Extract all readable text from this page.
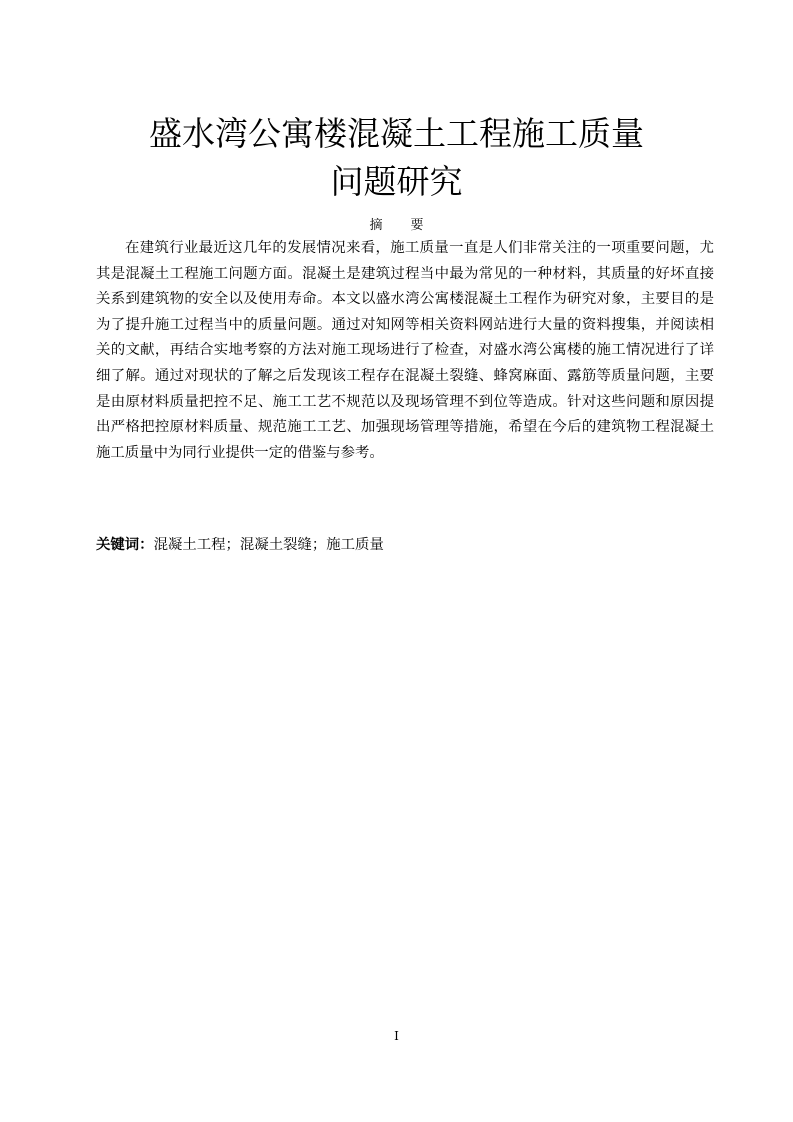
盛水湾公寓楼混凝土工程施工质量
问题研究
摘要

在建筑行业最近这几年的发展情况来看，施工质量一直是人们非常关注的一项重要问题，尤其是混凝土工程施工问题方面。混凝土是建筑过程当中最为常见的一种材料，其质量的好坏直接关系到建筑物的安全以及使用寿命。本文以盛水湾公寓楼混凝土工程作为研究对象，主要目的是为了提升施工过程当中的质量问题。通过对知网等相关资料网站进行大量的资料搜集，并阅读相关的文献，再结合实地考察的方法对施工现场进行了检查，对盛水湾公寓楼的施工情况进行了详细了解。通过对现状的了解之后发现该工程存在混凝土裂缝、蜂窝麻面、露筋等质量问题，主要是由原材料质量把控不足、施工工艺不规范以及现场管理不到位等造成。针对这些问题和原因提出严格把控原材料质量、规范施工工艺、加强现场管理等措施，希望在今后的建筑物工程混凝土施工质量中为同行业提供一定的借鉴与参考。

关键词：混凝土工程；混凝土裂缝；施工质量
I
